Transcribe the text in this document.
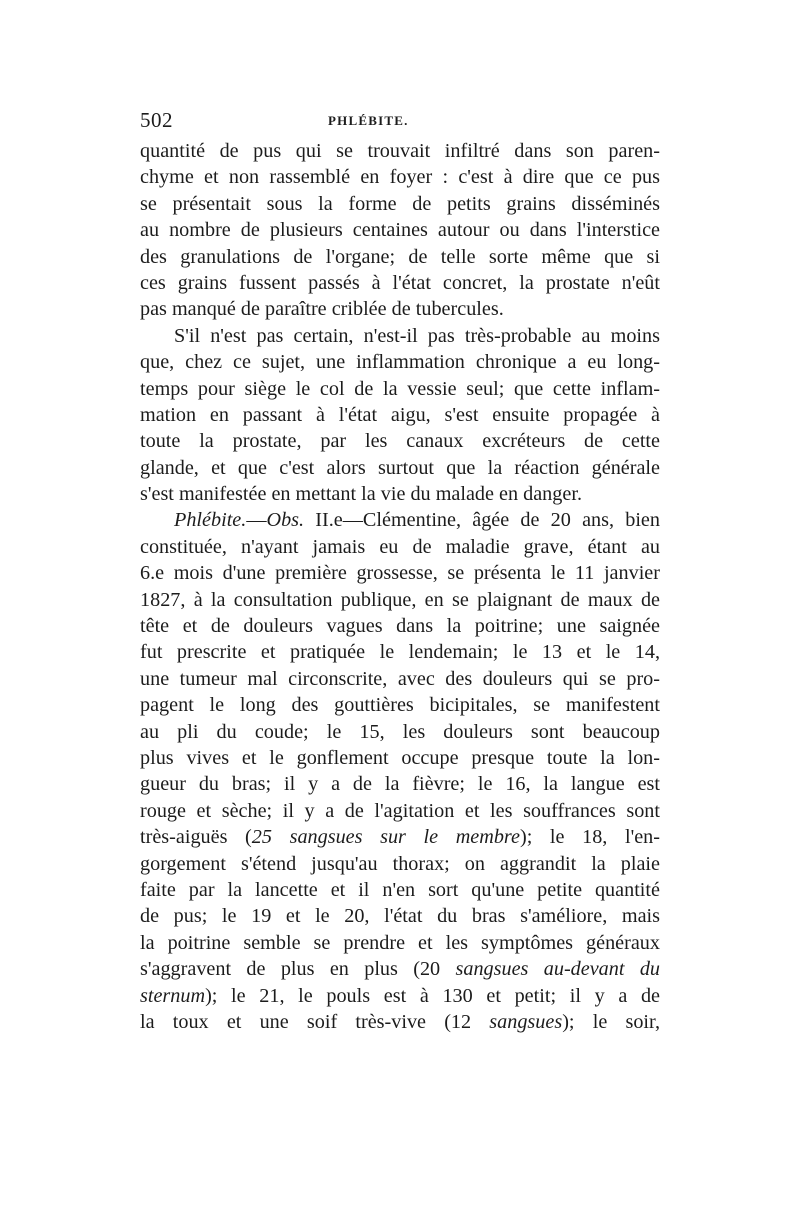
502	PHLÉBITE.
quantité de pus qui se trouvait infiltré dans son paren-
chyme et non rassemblé en foyer : c'est à dire que ce pus
se présentait sous la forme de petits grains disséminés
au nombre de plusieurs centaines autour ou dans l'interstice
des granulations de l'organe; de telle sorte même que si
ces grains fussent passés à l'état concret, la prostate n'eût
pas manqué de paraître criblée de tubercules.
S'il n'est pas certain, n'est-il pas très-probable au moins
que, chez ce sujet, une inflammation chronique a eu long-
temps pour siège le col de la vessie seul; que cette inflam-
mation en passant à l'état aigu, s'est ensuite propagée à
toute la prostate, par les canaux excréteurs de cette
glande, et que c'est alors surtout que la réaction générale
s'est manifestée en mettant la vie du malade en danger.
Phlébite.—Obs. II.e—Clémentine, âgée de 20 ans, bien
constituée, n'ayant jamais eu de maladie grave, étant au
6.e mois d'une première grossesse, se présenta le 11 janvier
1827, à la consultation publique, en se plaignant de maux de
tête et de douleurs vagues dans la poitrine; une saignée
fut prescrite et pratiquée le lendemain; le 13 et le 14,
une tumeur mal circonscrite, avec des douleurs qui se pro-
pagent le long des gouttières bicipitales, se manifestent
au pli du coude; le 15, les douleurs sont beaucoup
plus vives et le gonflement occupe presque toute la lon-
gueur du bras; il y a de la fièvre; le 16, la langue est
rouge et sèche; il y a de l'agitation et les souffrances sont
très-aiguës (25 sangsues sur le membre); le 18, l'en-
gorgement s'étend jusqu'au thorax; on aggrandit la plaie
faite par la lancette et il n'en sort qu'une petite quantité
de pus; le 19 et le 20, l'état du bras s'améliore, mais
la poitrine semble se prendre et les symptômes généraux
s'aggravent de plus en plus (20 sangsues au-devant du
sternum); le 21, le pouls est à 130 et petit; il y a de
la toux et une soif très-vive (12 sangsues); le soir,
